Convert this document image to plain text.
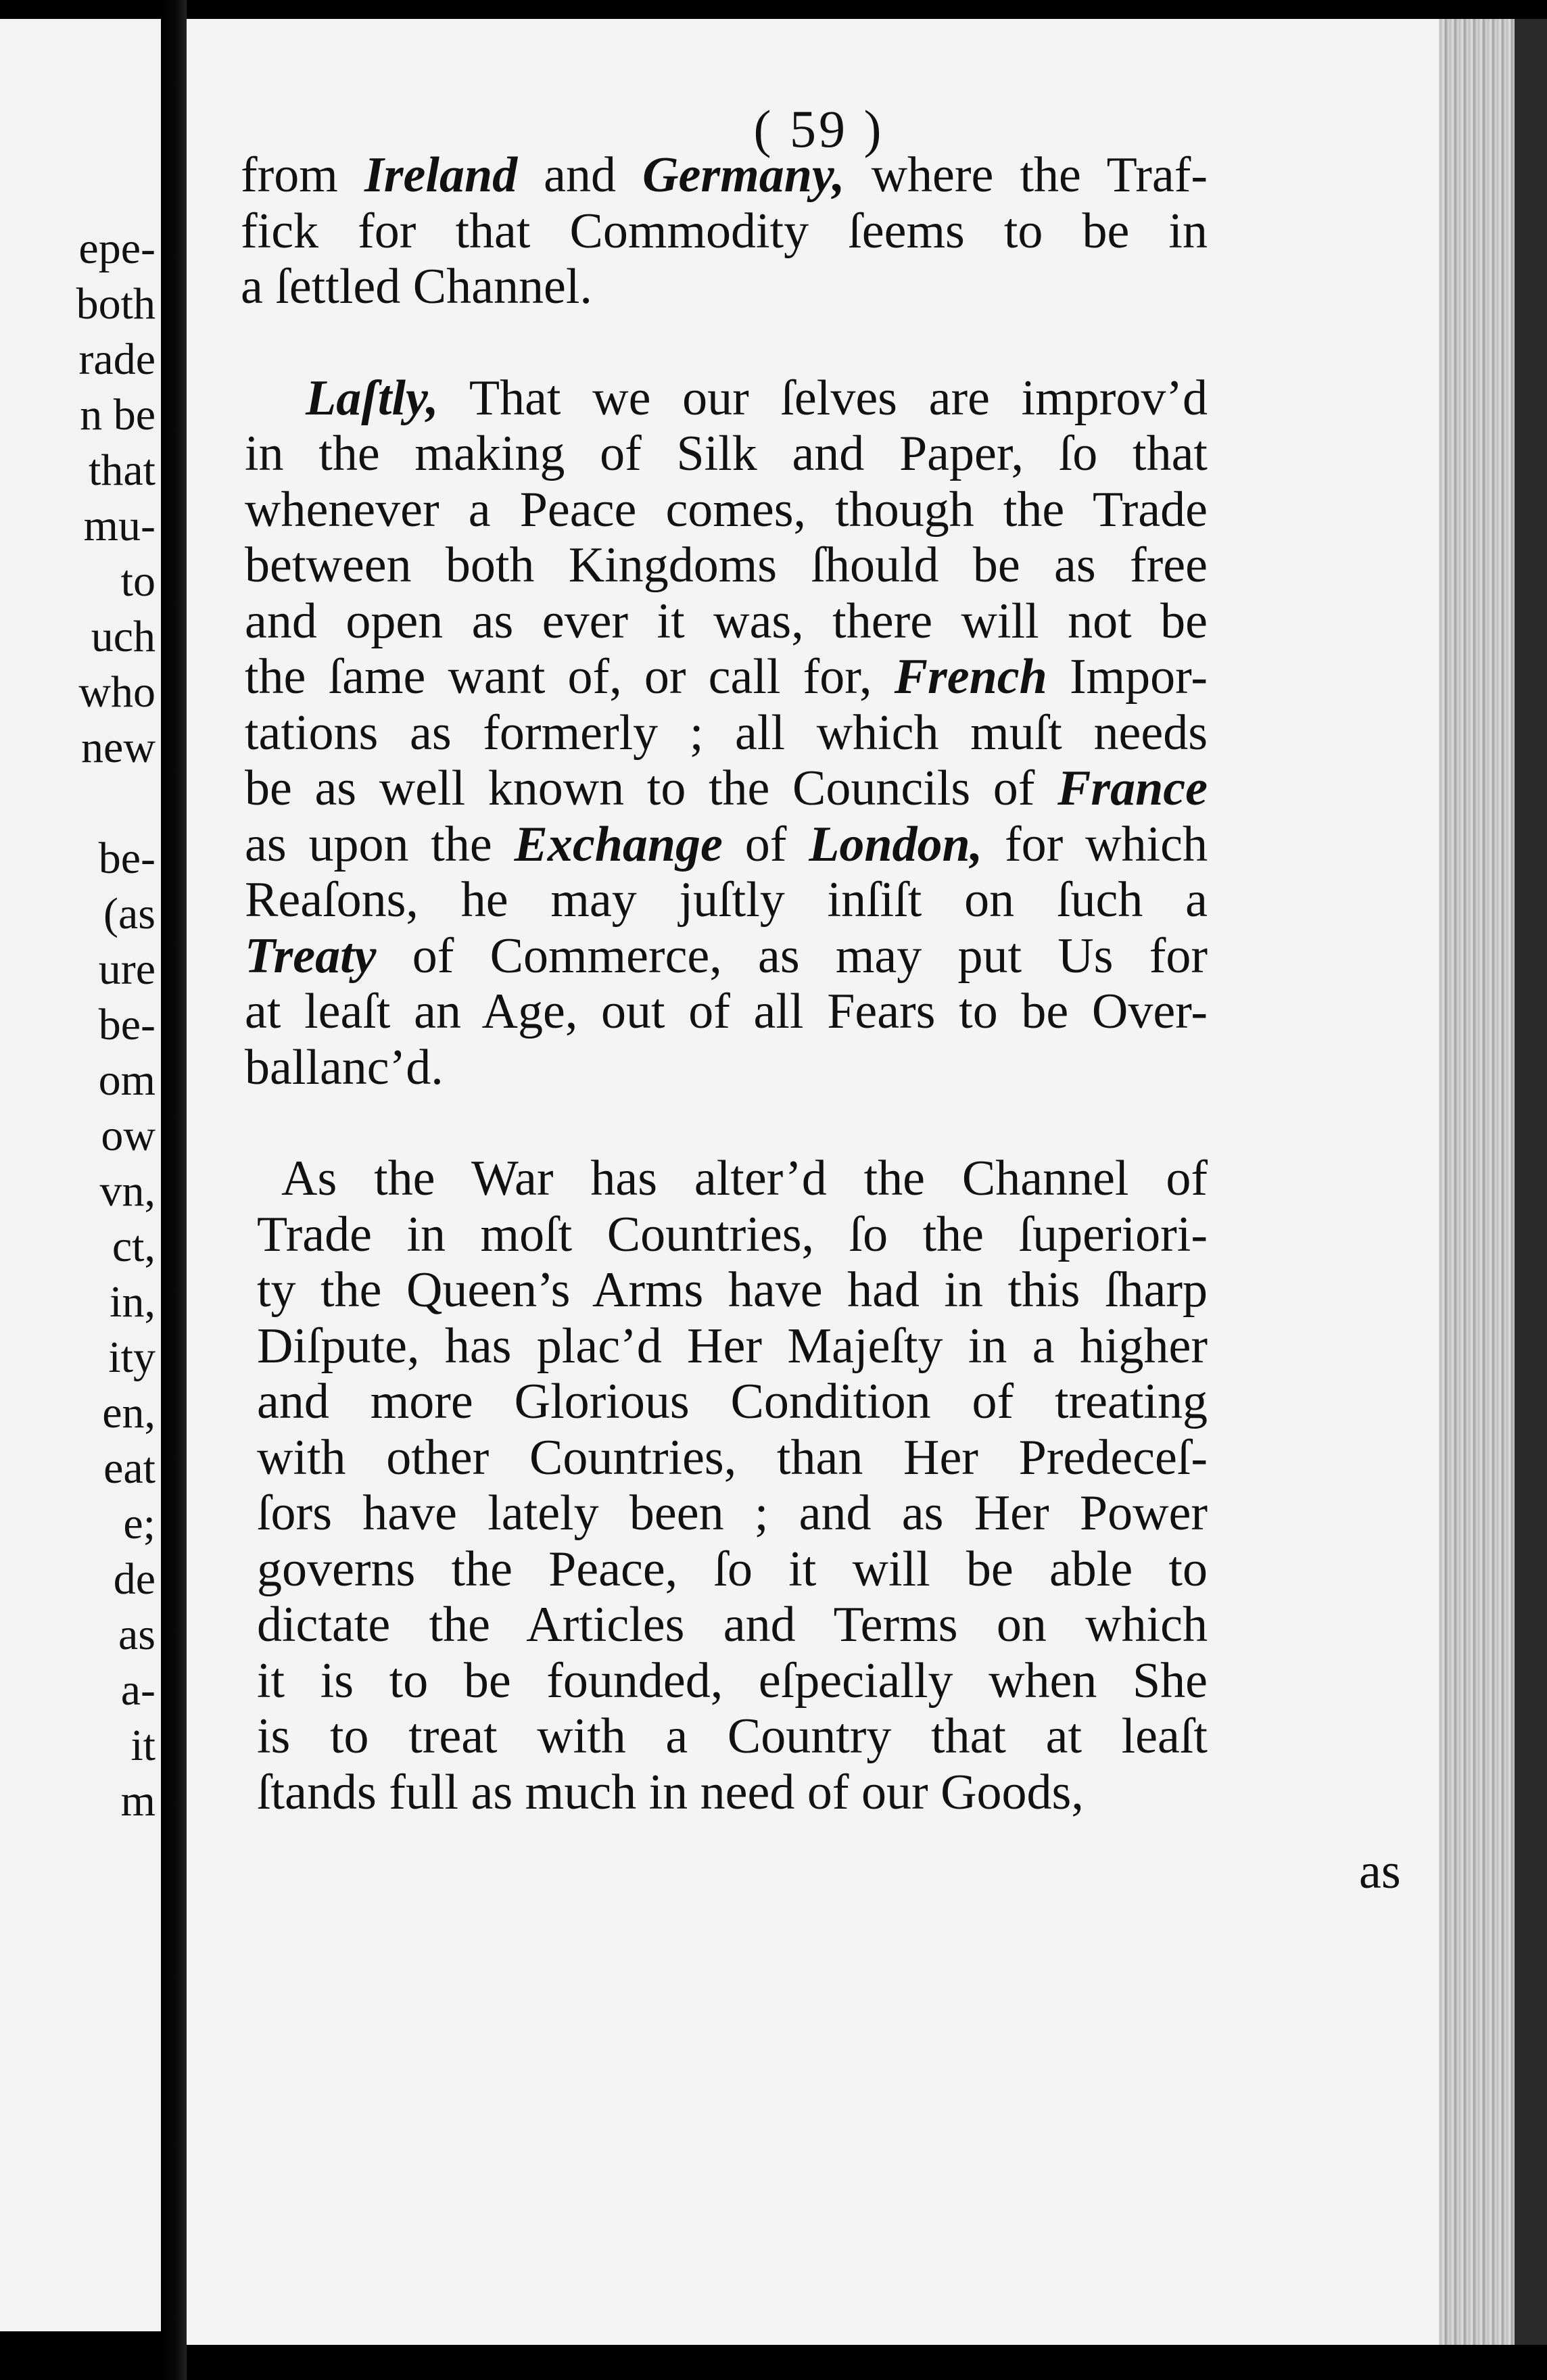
epe-
both
rade
n be
that
mu-
to
uch
who
new
be-
(as
ure
be-
om
ow
vn,
ct,
in,
ity
en,
eat
e;
de
as
a-
it
m
( 59 )
as
from Ireland and Germany, where the Traf-
fick for that Commodity ſeems to be in
a ſettled Channel.
Laſtly, That we our ſelves are improv’d
in the making of Silk and Paper, ſo that
whenever a Peace comes, though the Trade
between both Kingdoms ſhould be as free
and open as ever it was, there will not be
the ſame want of, or call for, French Impor-
tations as formerly ; all which muſt needs
be as well known to the Councils of France
as upon the Exchange of London, for which
Reaſons, he may juſtly inſiſt on ſuch a
Treaty of Commerce, as may put Us for
at leaſt an Age, out of all Fears to be Over-
ballanc’d.
As the War has alter’d the Channel of
Trade in moſt Countries, ſo the ſuperiori-
ty the Queen’s Arms have had in this ſharp
Diſpute, has plac’d Her Majeſty in a higher
and more Glorious Condition of treating
with other Countries, than Her Predeceſ-
ſors have lately been ; and as Her Power
governs the Peace, ſo it will be able to
dictate the Articles and Terms on which
it is to be founded, eſpecially when She
is to treat with a Country that at leaſt
ſtands full as much in need of our Goods,
